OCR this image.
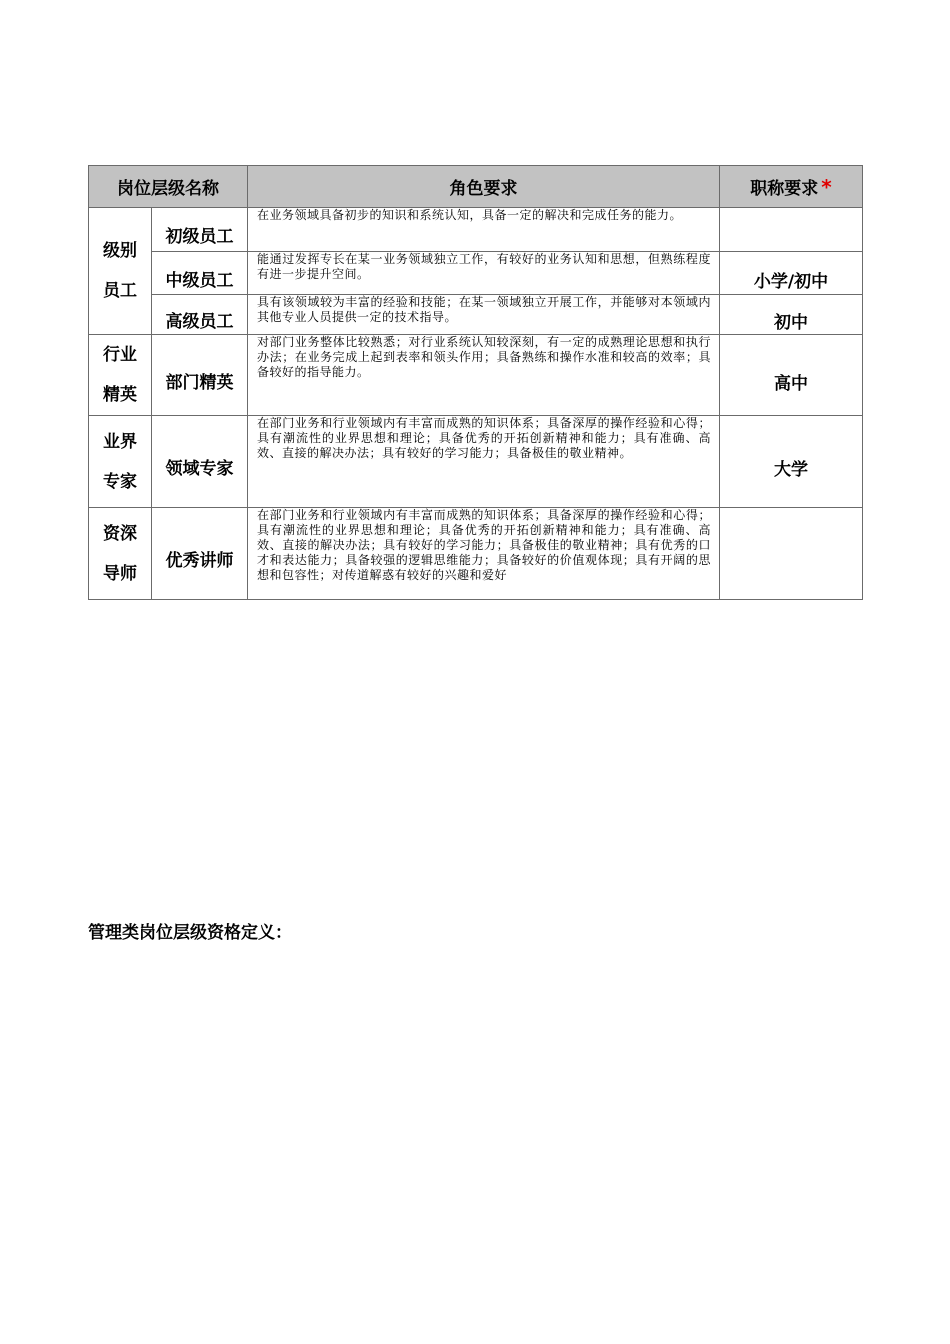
岗位层级名称		角色要求	职称要求 *

级别
员工	初级员工	在业务领域具备初步的知识和系统认知，具备一定的解决和完成任务的能力。	

	中级员工	能通过发挥专长在某一业务领域独立工作，有较好的业务认知和思想，但熟练程度有进一步提升空间。	小学/初中

	高级员工	具有该领域较为丰富的经验和技能；在某一领域独立开展工作，并能够对本领域内其他专业人员提供一定的技术指导。	初中

行业
精英	部门精英	对部门业务整体比较熟悉；对行业系统认知较深刻，有一定的成熟理论思想和执行办法；在业务完成上起到表率和领头作用；具备熟练和操作水准和较高的效率；具备较好的指导能力。	高中

业界
专家	领域专家	在部门业务和行业领域内有丰富而成熟的知识体系；具备深厚的操作经验和心得；具有潮流性的业界思想和理论；具备优秀的开拓创新精神和能力；具有准确、高效、直接的解决办法；具有较好的学习能力；具备极佳的敬业精神。	大学

资深
导师	优秀讲师	在部门业务和行业领域内有丰富而成熟的知识体系；具备深厚的操作经验和心得；具有潮流性的业界思想和理论；具备优秀的开拓创新精神和能力；具有准确、高效、直接的解决办法；具有较好的学习能力；具备极佳的敬业精神；具有优秀的口才和表达能力；具备较强的逻辑思维能力；具备较好的价值观体现；具有开阔的思想和包容性；对传道解惑有较好的兴趣和爱好	

管理类岗位层级资格定义：
